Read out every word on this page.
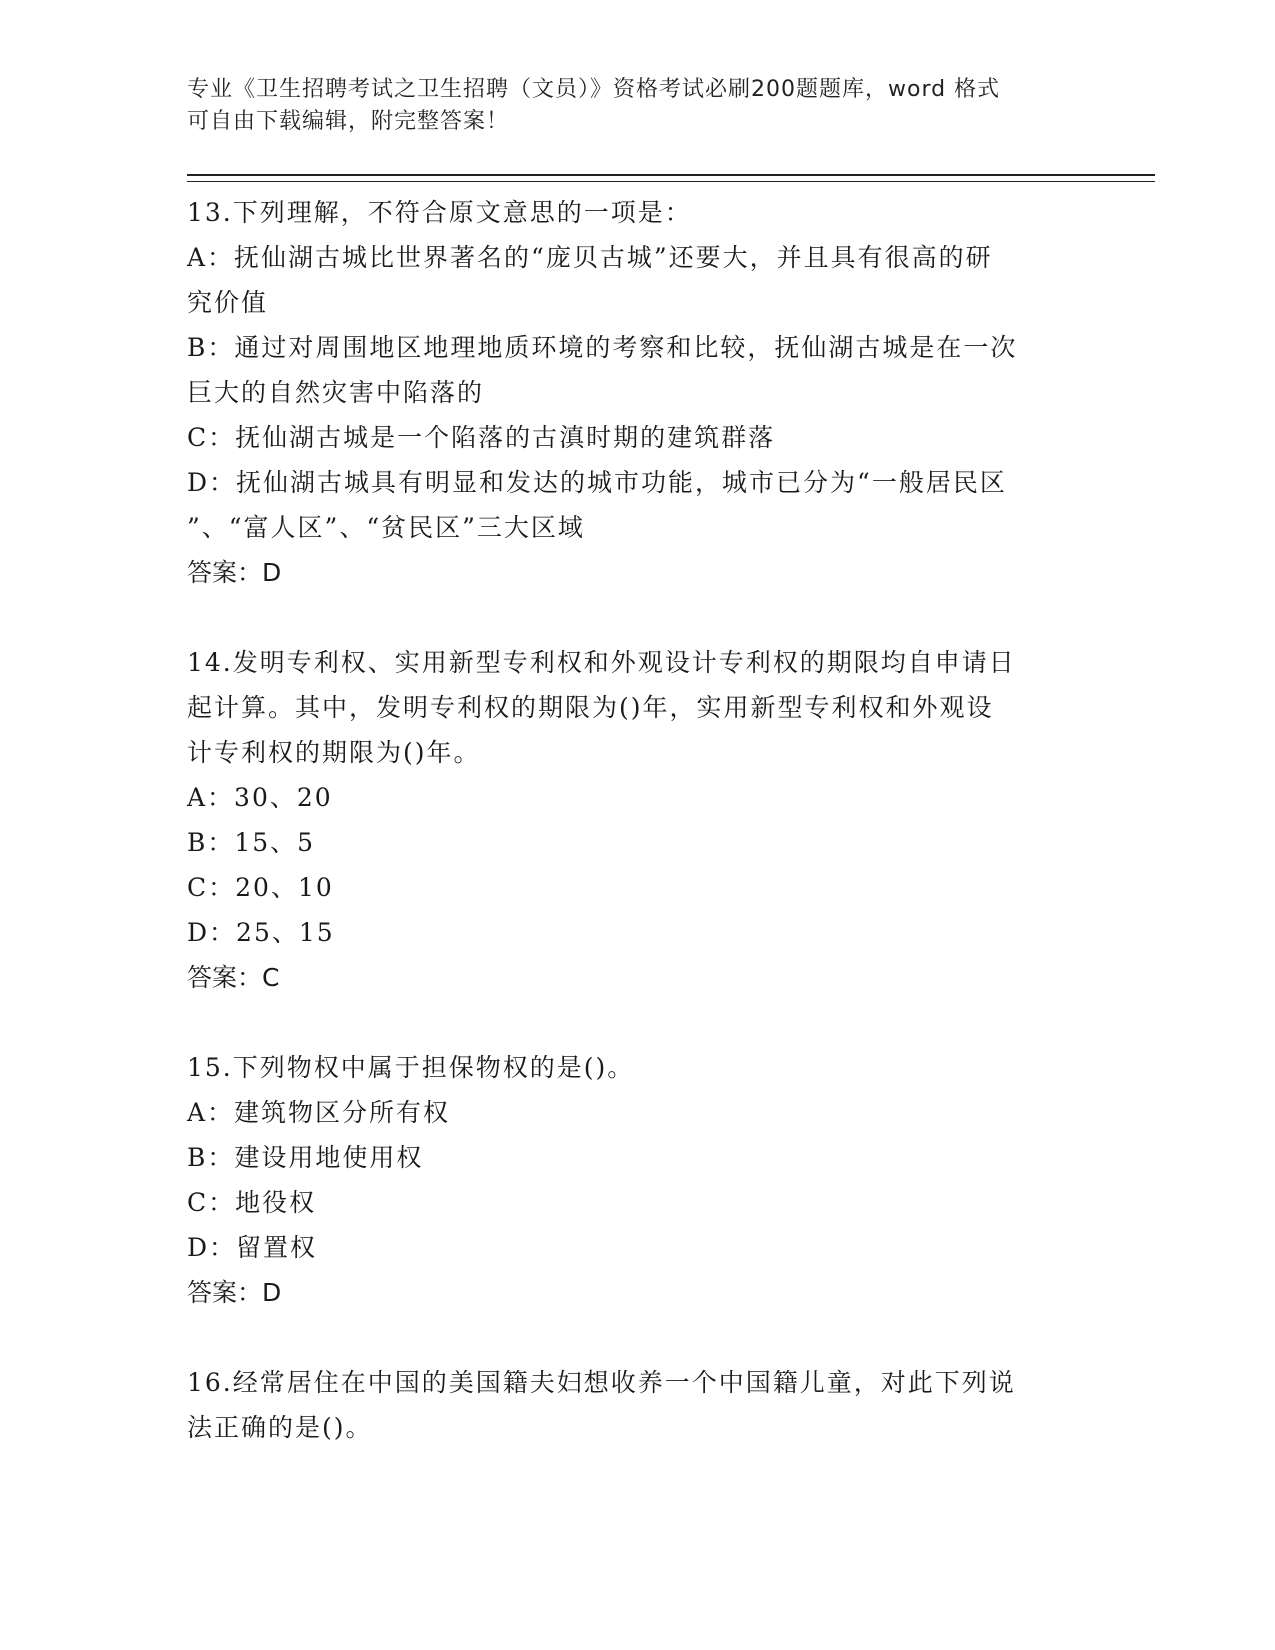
专业《卫生招聘考试之卫生招聘（文员）》资格考试必刷200题题库，word 格式
可自由下载编辑，附完整答案！
13.下列理解，不符合原文意思的一项是：
A：抚仙湖古城比世界著名的“庞贝古城”还要大，并且具有很高的研
究价值
B：通过对周围地区地理地质环境的考察和比较，抚仙湖古城是在一次
巨大的自然灾害中陷落的
C：抚仙湖古城是一个陷落的古滇时期的建筑群落
D：抚仙湖古城具有明显和发达的城市功能，城市已分为“一般居民区
”、“富人区”、“贫民区”三大区域
答案：D
14.发明专利权、实用新型专利权和外观设计专利权的期限均自申请日
起计算。其中，发明专利权的期限为()年，实用新型专利权和外观设
计专利权的期限为()年。
A：30、20
B：15、5
C：20、10
D：25、15
答案：C
15.下列物权中属于担保物权的是()。
A：建筑物区分所有权
B：建设用地使用权
C：地役权
D：留置权
答案：D
16.经常居住在中国的美国籍夫妇想收养一个中国籍儿童，对此下列说
法正确的是()。
